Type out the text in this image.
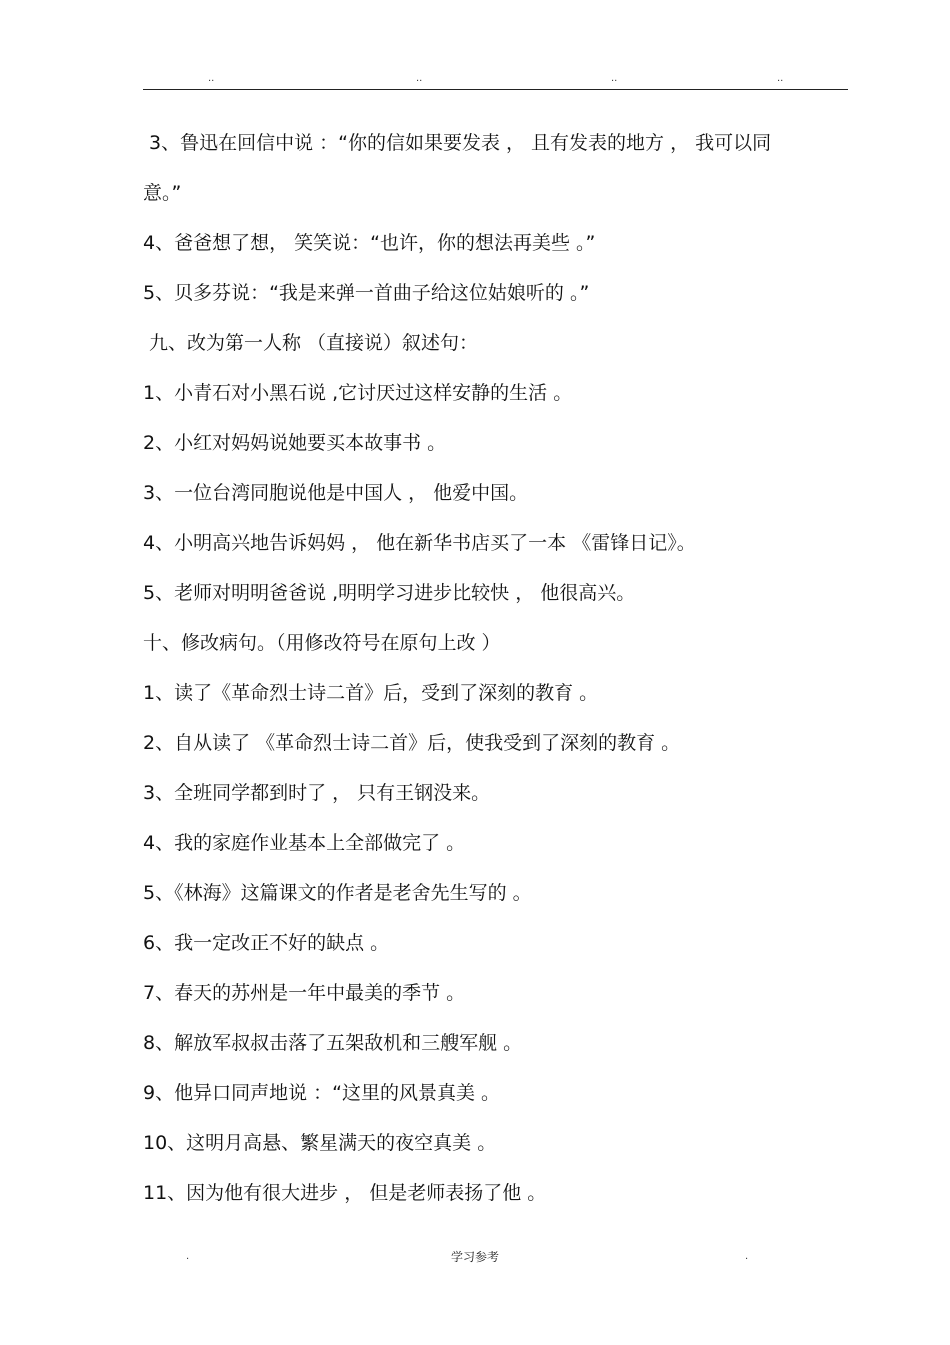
..	..	..	..
3、鲁迅在回信中说 ：“你的信如果要发表 ， 且有发表的地方 ， 我可以同
意。”
4、爸爸想了想， 笑笑说：“也许，你的想法再美些 。”
5、贝多芬说：“我是来弹一首曲子给这位姑娘听的 。”
九、改为第一人称 （直接说）叙述句：
1、小青石对小黑石说 ,它讨厌过这样安静的生活 。
2、小红对妈妈说她要买本故事书 。
3、一位台湾同胞说他是中国人 ， 他爱中国。
4、小明高兴地告诉妈妈 ， 他在新华书店买了一本 《雷锋日记》。
5、老师对明明爸爸说 ,明明学习进步比较快 ， 他很高兴。
十、修改病句。（用修改符号在原句上改 ）
1、读了《革命烈士诗二首》后，受到了深刻的教育 。
2、自从读了 《革命烈士诗二首》后，使我受到了深刻的教育 。
3、全班同学都到时了 ， 只有王钢没来。
4、我的家庭作业基本上全部做完了 。
5、《林海》这篇课文的作者是老舍先生写的 。
6、我一定改正不好的缺点 。
7、春天的苏州是一年中最美的季节 。
8、解放军叔叔击落了五架敌机和三艘军舰 。
9、他异口同声地说 ：“这里的风景真美 。
10、这明月高悬、繁星满天的夜空真美 。
11、因为他有很大进步 ， 但是老师表扬了他 。
.	学习参考	.
